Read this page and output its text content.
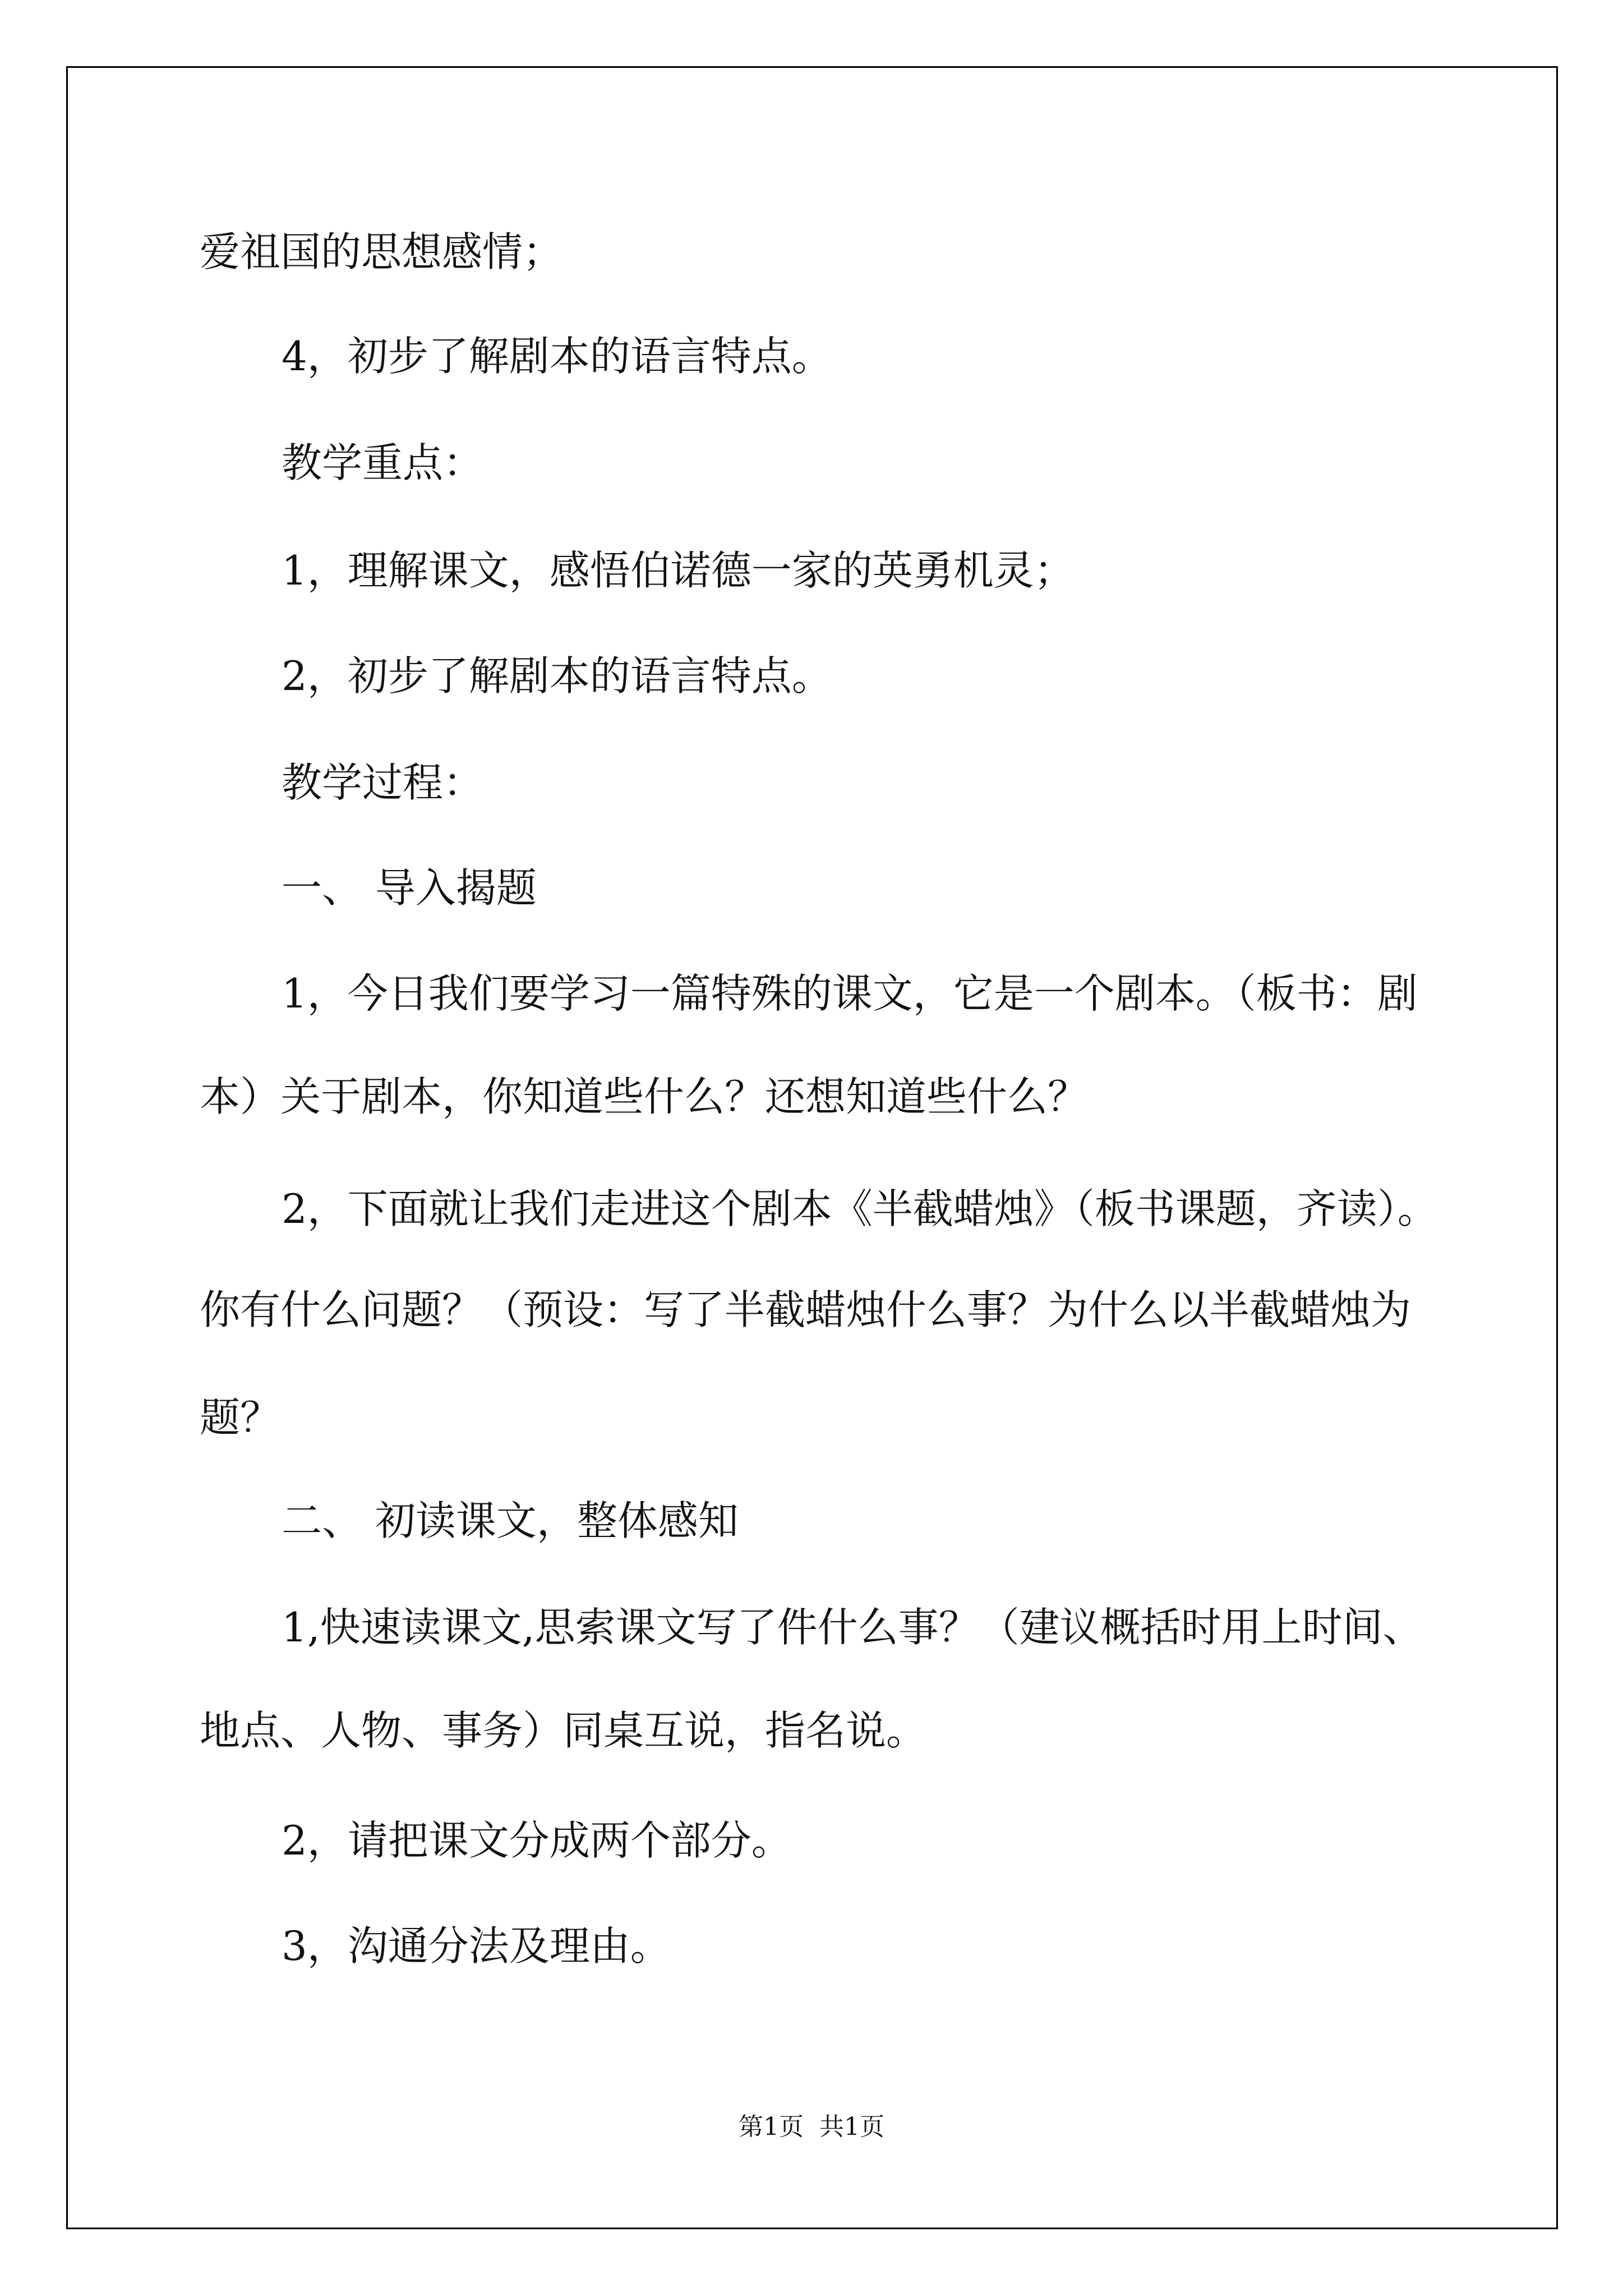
爱祖国的思想感情；

4，初步了解剧本的语言特点。

教学重点：

1，理解课文，感悟伯诺德一家的英勇机灵；

2，初步了解剧本的语言特点。

教学过程：

一、 导入揭题

1，今日我们要学习一篇特殊的课文，它是一个剧本。（板书：剧

本）关于剧本，你知道些什么？还想知道些什么？

2，下面就让我们走进这个剧本《半截蜡烛》（板书课题，齐读）。

你有什么问题？（预设：写了半截蜡烛什么事？为什么以半截蜡烛为

题？

二、 初读课文，整体感知

1,快速读课文,思索课文写了件什么事？（建议概括时用上时间、

地点、人物、事务）同桌互说，指名说。

2，请把课文分成两个部分。

3，沟通分法及理由。

第1页  共1页
